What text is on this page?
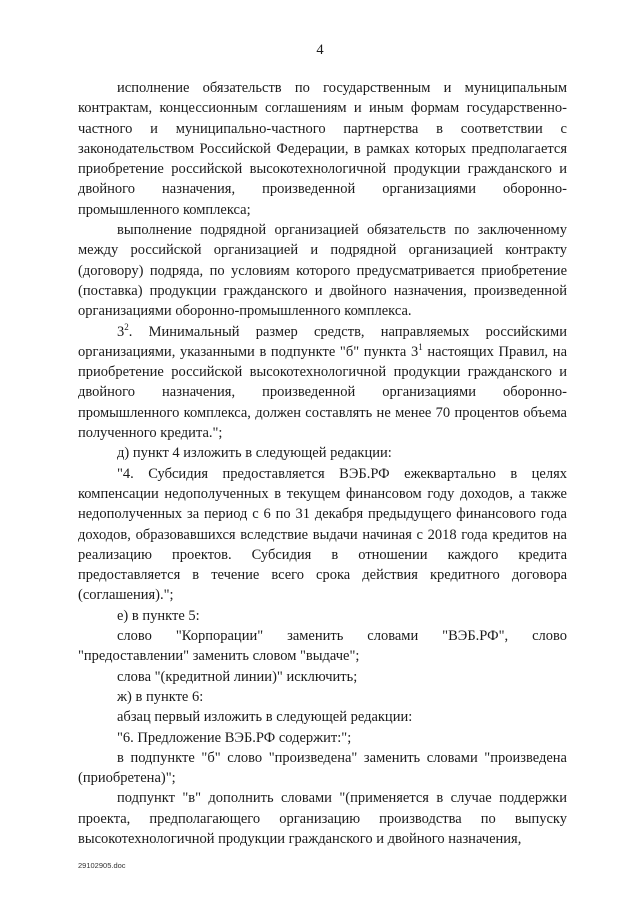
4

исполнение обязательств по государственным и муниципальным контрактам, концессионным соглашениям и иным формам государственно-частного и муниципально-частного партнерства в соответствии с законодательством Российской Федерации, в рамках которых предполагается приобретение российской высокотехнологичной продукции гражданского и двойного назначения, произведенной организациями оборонно-промышленного комплекса;

выполнение подрядной организацией обязательств по заключенному между российской организацией и подрядной организацией контракту (договору) подряда, по условиям которого предусматривается приобретение (поставка) продукции гражданского и двойного назначения, произведенной организациями оборонно-промышленного комплекса.

$3^2$. Минимальный размер средств, направляемых российскими организациями, указанными в подпункте "б" пункта $3^1$ настоящих Правил, на приобретение российской высокотехнологичной продукции гражданского и двойного назначения, произведенной организациями оборонно-промышленного комплекса, должен составлять не менее 70 процентов объема полученного кредита.";

д) пункт 4 изложить в следующей редакции:

"4. Субсидия предоставляется ВЭБ.РФ ежеквартально в целях компенсации недополученных в текущем финансовом году доходов, а также недополученных за период с 6 по 31 декабря предыдущего финансового года доходов, образовавшихся вследствие выдачи начиная с 2018 года кредитов на реализацию проектов. Субсидия в отношении каждого кредита предоставляется в течение всего срока действия кредитного договора (соглашения).";

е) в пункте 5:

слово "Корпорации" заменить словами "ВЭБ.РФ", слово "предоставлении" заменить словом "выдаче";

слова "(кредитной линии)" исключить;

ж) в пункте 6:

абзац первый изложить в следующей редакции:

"6. Предложение ВЭБ.РФ содержит:";

в подпункте "б" слово "произведена" заменить словами "произведена (приобретена)";

подпункт "в" дополнить словами "(применяется в случае поддержки проекта, предполагающего организацию производства по выпуску высокотехнологичной продукции гражданского и двойного назначения,

29102905.doc
